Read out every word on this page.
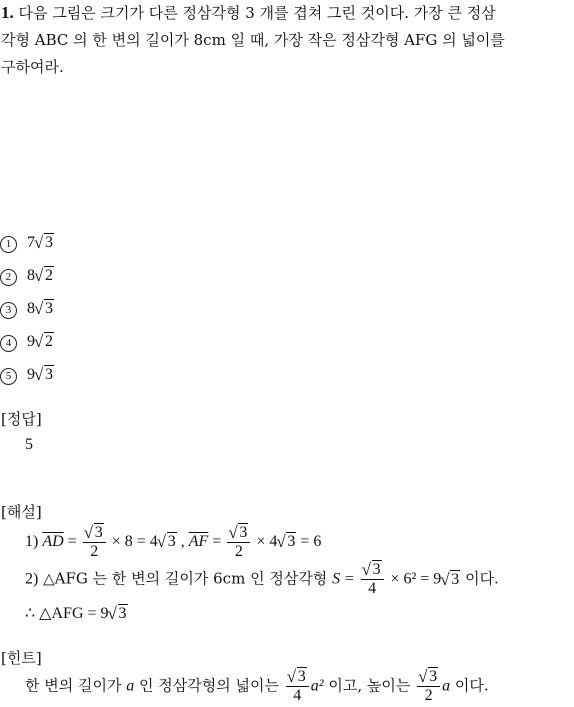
1. 다음 그림은 크기가 다른 정삼각형 3 개를 겹쳐 그린 것이다. 가장 큰 정삼
각형 ABC 의 한 변의 길이가 8cm 일 때, 가장 작은 정삼각형 AFG 의 넓이를
구하여라.
1 7 √ 3
2 8 √ 2
3 8 √ 3
4 9 √ 2
5 9 √ 3
[정답]
5
[해설]
1) $\overline{AD}$ = √ $\frac{3}{2} \times 8 = 4$ √ 3 , $\overline{AF}$ = √ $\frac{3}{2} \times 4$ √ 3 = 6
2) △AFG 는 한 변의 길이가 6cm 인 정삼각형 S = √ $\frac{3}{4} \times 6^2 = 9$ √ 3 이다.
∴ △AFG = 9 √ 3
[힌트]
한 변의 길이가 a 인 정삼각형의 넓이는 √ $\frac{3}{4} a^2$ 이고, 높이는 √ $\frac{3}{2}$ a 이다.
